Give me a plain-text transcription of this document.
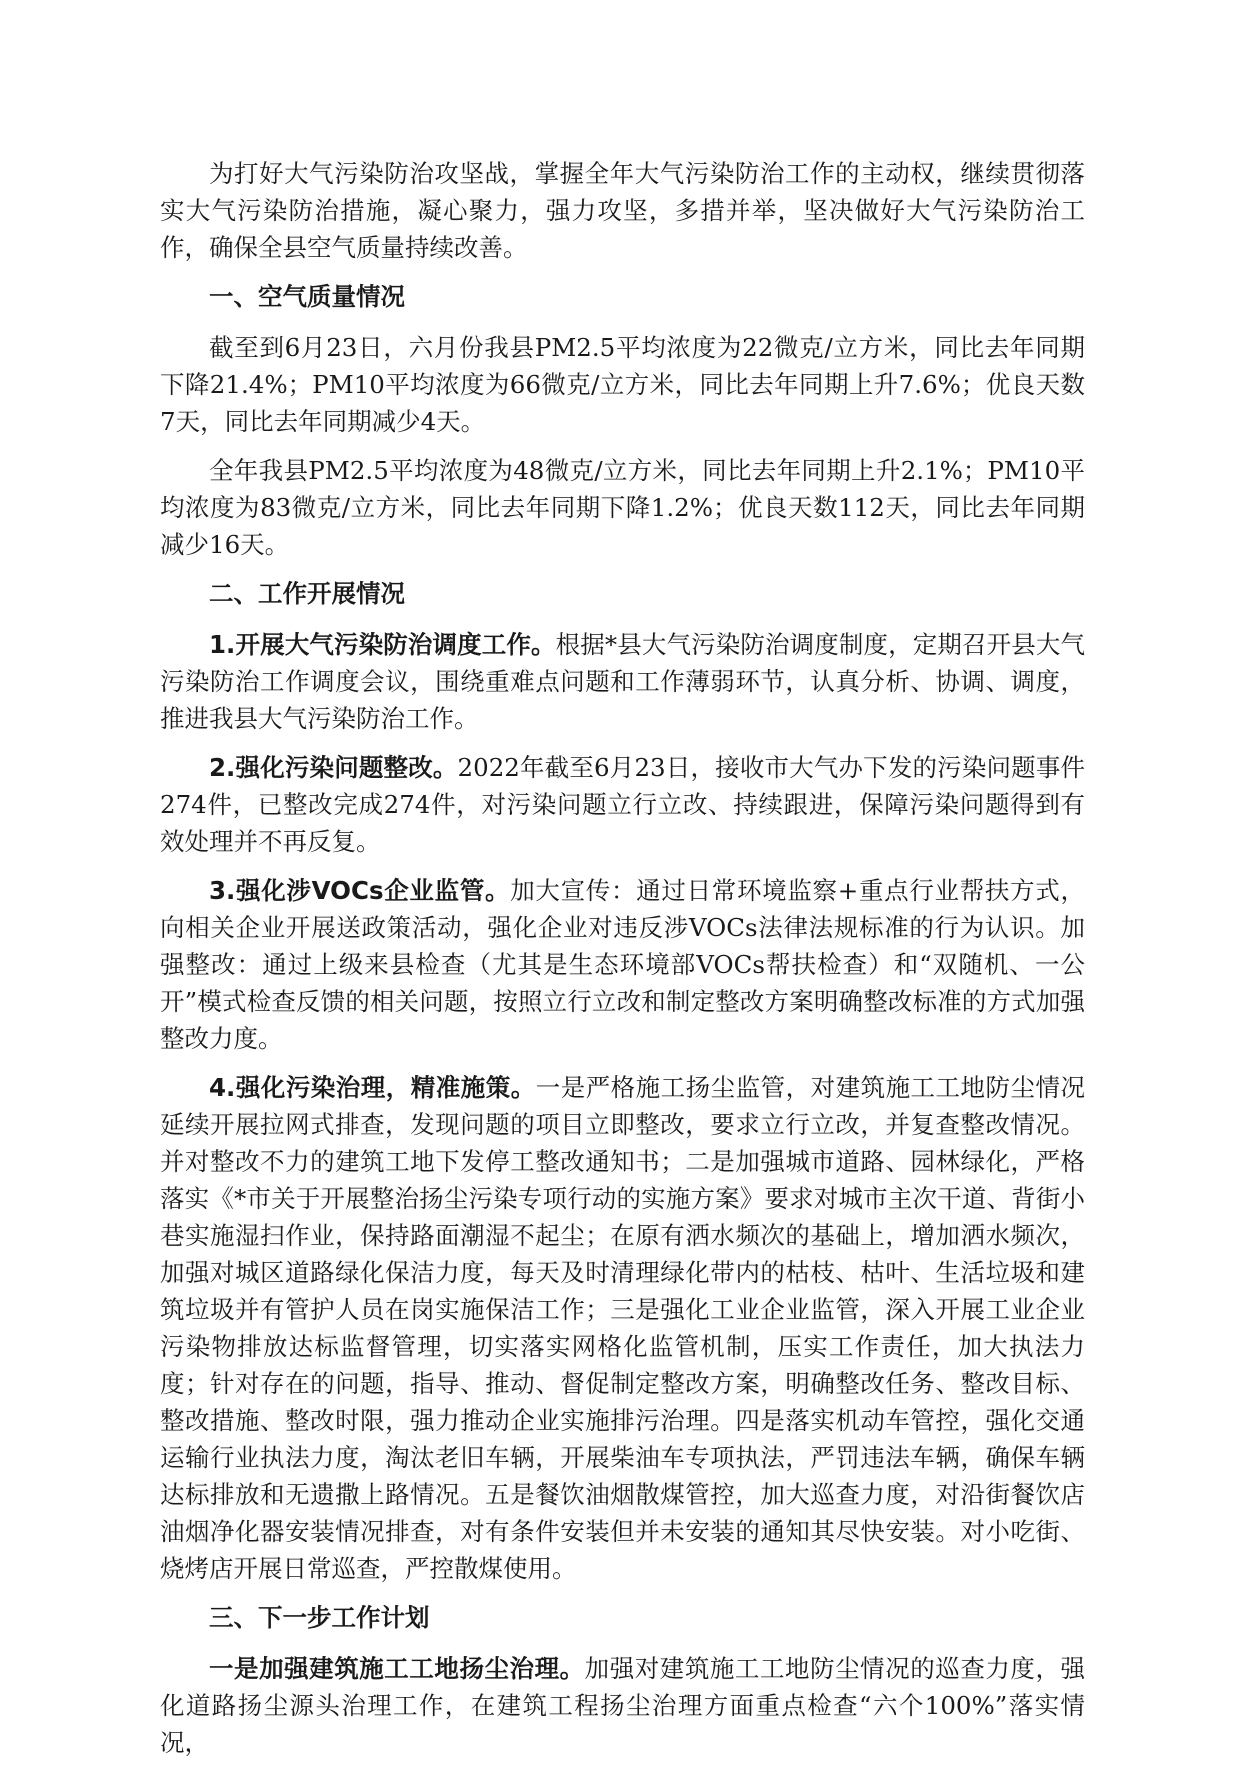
为打好大气污染防治攻坚战，掌握全年大气污染防治工作的主动权，继续贯彻落实大气污染防治措施，凝心聚力，强力攻坚，多措并举，坚决做好大气污染防治工作，确保全县空气质量持续改善。

一、空气质量情况

截至到6月23日，六月份我县PM2.5平均浓度为22微克/立方米，同比去年同期下降21.4%；PM10平均浓度为66微克/立方米，同比去年同期上升7.6%；优良天数7天，同比去年同期减少4天。

全年我县PM2.5平均浓度为48微克/立方米，同比去年同期上升2.1%；PM10平均浓度为83微克/立方米，同比去年同期下降1.2%；优良天数112天，同比去年同期减少16天。

二、工作开展情况

1.开展大气污染防治调度工作。根据*县大气污染防治调度制度，定期召开县大气污染防治工作调度会议，围绕重难点问题和工作薄弱环节，认真分析、协调、调度，推进我县大气污染防治工作。

2.强化污染问题整改。2022年截至6月23日，接收市大气办下发的污染问题事件274件，已整改完成274件，对污染问题立行立改、持续跟进，保障污染问题得到有效处理并不再反复。

3.强化涉VOCs企业监管。加大宣传：通过日常环境监察+重点行业帮扶方式，向相关企业开展送政策活动，强化企业对违反涉VOCs法律法规标准的行为认识。加强整改：通过上级来县检查（尤其是生态环境部VOCs帮扶检查）和“双随机、一公开”模式检查反馈的相关问题，按照立行立改和制定整改方案明确整改标准的方式加强整改力度。

4.强化污染治理，精准施策。一是严格施工扬尘监管，对建筑施工工地防尘情况延续开展拉网式排查，发现问题的项目立即整改，要求立行立改，并复查整改情况。并对整改不力的建筑工地下发停工整改通知书；二是加强城市道路、园林绿化，严格落实《*市关于开展整治扬尘污染专项行动的实施方案》要求对城市主次干道、背街小巷实施湿扫作业，保持路面潮湿不起尘；在原有洒水频次的基础上，增加洒水频次，加强对城区道路绿化保洁力度，每天及时清理绿化带内的枯枝、枯叶、生活垃圾和建筑垃圾并有管护人员在岗实施保洁工作；三是强化工业企业监管，深入开展工业企业污染物排放达标监督管理，切实落实网格化监管机制，压实工作责任，加大执法力度；针对存在的问题，指导、推动、督促制定整改方案，明确整改任务、整改目标、整改措施、整改时限，强力推动企业实施排污治理。四是落实机动车管控，强化交通运输行业执法力度，淘汰老旧车辆，开展柴油车专项执法，严罚违法车辆，确保车辆达标排放和无遗撒上路情况。五是餐饮油烟散煤管控，加大巡查力度，对沿街餐饮店油烟净化器安装情况排查，对有条件安装但并未安装的通知其尽快安装。对小吃街、烧烤店开展日常巡查，严控散煤使用。

三、下一步工作计划

一是加强建筑施工工地扬尘治理。加强对建筑施工工地防尘情况的巡查力度，强化道路扬尘源头治理工作，在建筑工程扬尘治理方面重点检查“六个100%”落实情况，
